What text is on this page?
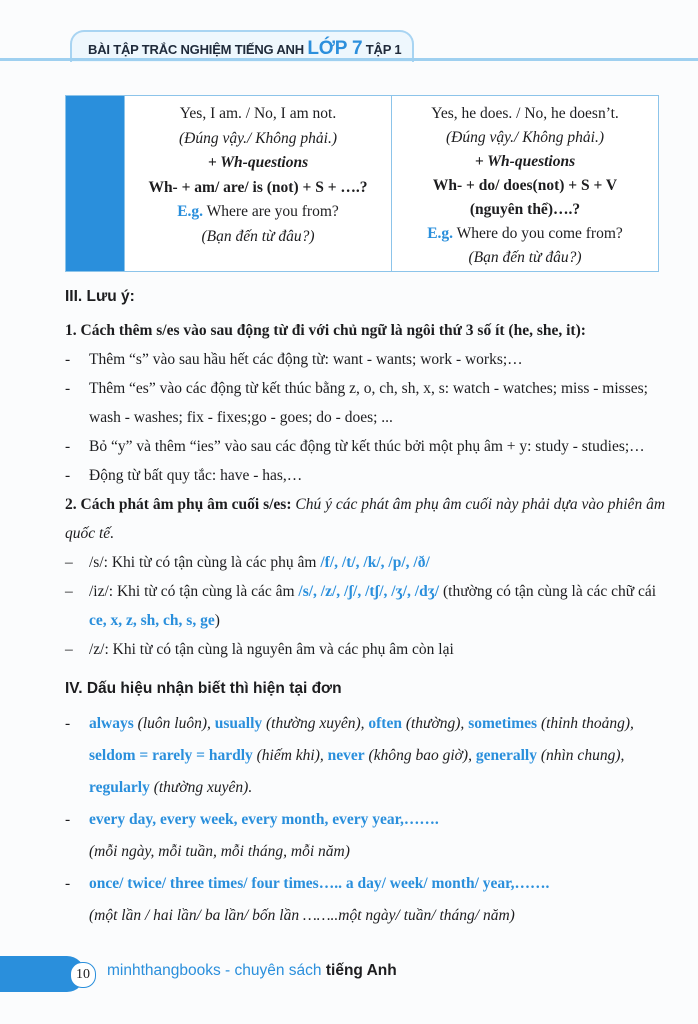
BÀI TẬP TRẮC NGHIỆM TIẾNG ANH LỚP 7 TẬP 1
Yes, I am. / No, I am not.
(Đúng vậy./ Không phải.)
+ Wh-questions
Wh- + am/ are/ is (not) + S + ….?
E.g. Where are you from?
(Bạn đến từ đâu?)
Yes, he does. / No, he doesn’t.
(Đúng vậy./ Không phải.)
+ Wh-questions
Wh- + do/ does(not) + S + V
(nguyên thể)….?
E.g. Where do you come from?
(Bạn đến từ đâu?)
III. Lưu ý:
1. Cách thêm s/es vào sau động từ đi với chủ ngữ là ngôi thứ 3 số ít (he, she, it):
- Thêm “s” vào sau hầu hết các động từ: want - wants; work - works;…
- Thêm “es” vào các động từ kết thúc bằng z, o, ch, sh, x, s: watch - watches; miss - misses; wash - washes; fix - fixes;go - goes; do - does; ...
- Bỏ “y” và thêm “ies” vào sau các động từ kết thúc bởi một phụ âm + y: study - studies;…
- Động từ bất quy tắc: have - has,…
2. Cách phát âm phụ âm cuối s/es: Chú ý các phát âm phụ âm cuối này phải dựa vào phiên âm quốc tế.
– /s/: Khi từ có tận cùng là các phụ âm /f/, /t/, /k/, /p/, /ð/
– /iz/: Khi từ có tận cùng là các âm /s/, /z/, /ʃ/, /tʃ/, /ʒ/, /dʒ/ (thường có tận cùng là các chữ cái ce, x, z, sh, ch, s, ge)
– /z/: Khi từ có tận cùng là nguyên âm và các phụ âm còn lại
IV. Dấu hiệu nhận biết thì hiện tại đơn
- always (luôn luôn), usually (thường xuyên), often (thường), sometimes (thỉnh thoảng), seldom = rarely = hardly (hiếm khi), never (không bao giờ), generally (nhìn chung), regularly (thường xuyên).
- every day, every week, every month, every year,…….
(mỗi ngày, mỗi tuần, mỗi tháng, mỗi năm)
- once/ twice/ three times/ four times….. a day/ week/ month/ year,…….
(một lần / hai lần/ ba lần/ bốn lần ……..một ngày/ tuần/ tháng/ năm)
10	minhthangbooks - chuyên sách tiếng Anh
